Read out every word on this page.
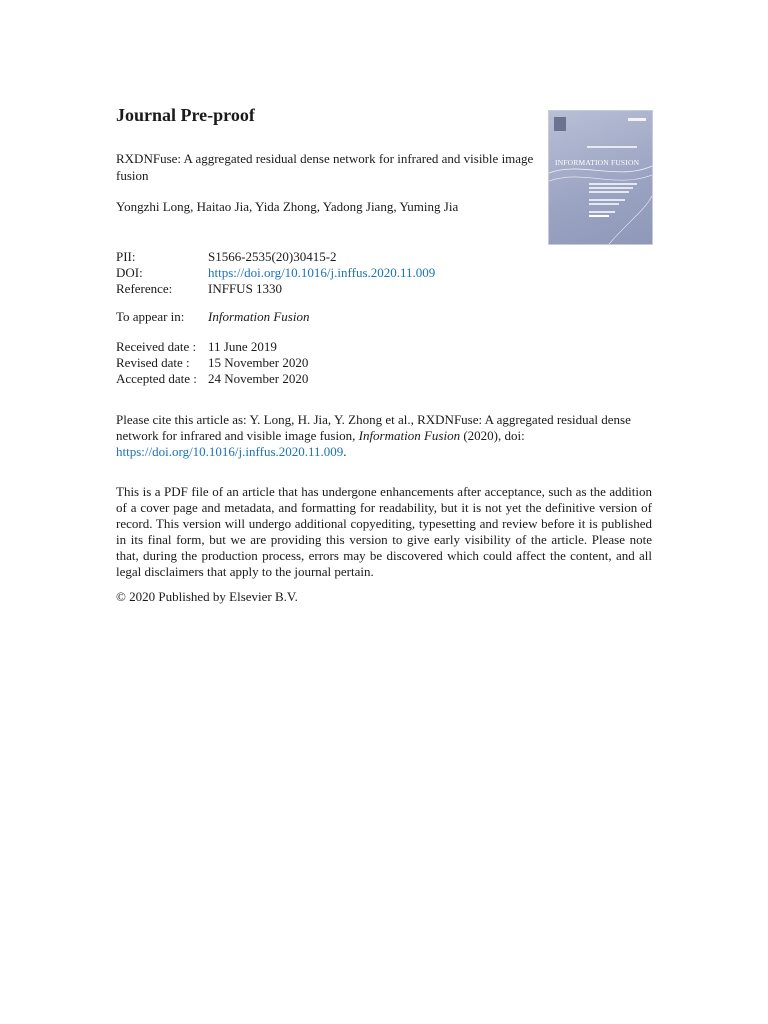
Journal Pre-proof
RXDNFuse: A aggregated residual dense network for infrared and visible image fusion
Yongzhi Long, Haitao Jia, Yida Zhong, Yadong Jiang, Yuming Jia
INFORMATION FUSION
PII:	S1566-2535(20)30415-2
DOI:	https://doi.org/10.1016/j.inffus.2020.11.009
Reference:	INFFUS 1330
To appear in: Information Fusion
Received date : 11 June 2019
Revised date : 15 November 2020
Accepted date : 24 November 2020
Please cite this article as: Y. Long, H. Jia, Y. Zhong et al., RXDNFuse: A aggregated residual dense network for infrared and visible image fusion, Information Fusion (2020), doi: https://doi.org/10.1016/j.inffus.2020.11.009.
This is a PDF file of an article that has undergone enhancements after acceptance, such as the addition of a cover page and metadata, and formatting for readability, but it is not yet the definitive version of record. This version will undergo additional copyediting, typesetting and review before it is published in its final form, but we are providing this version to give early visibility of the article. Please note that, during the production process, errors may be discovered which could affect the content, and all legal disclaimers that apply to the journal pertain.
© 2020 Published by Elsevier B.V.
